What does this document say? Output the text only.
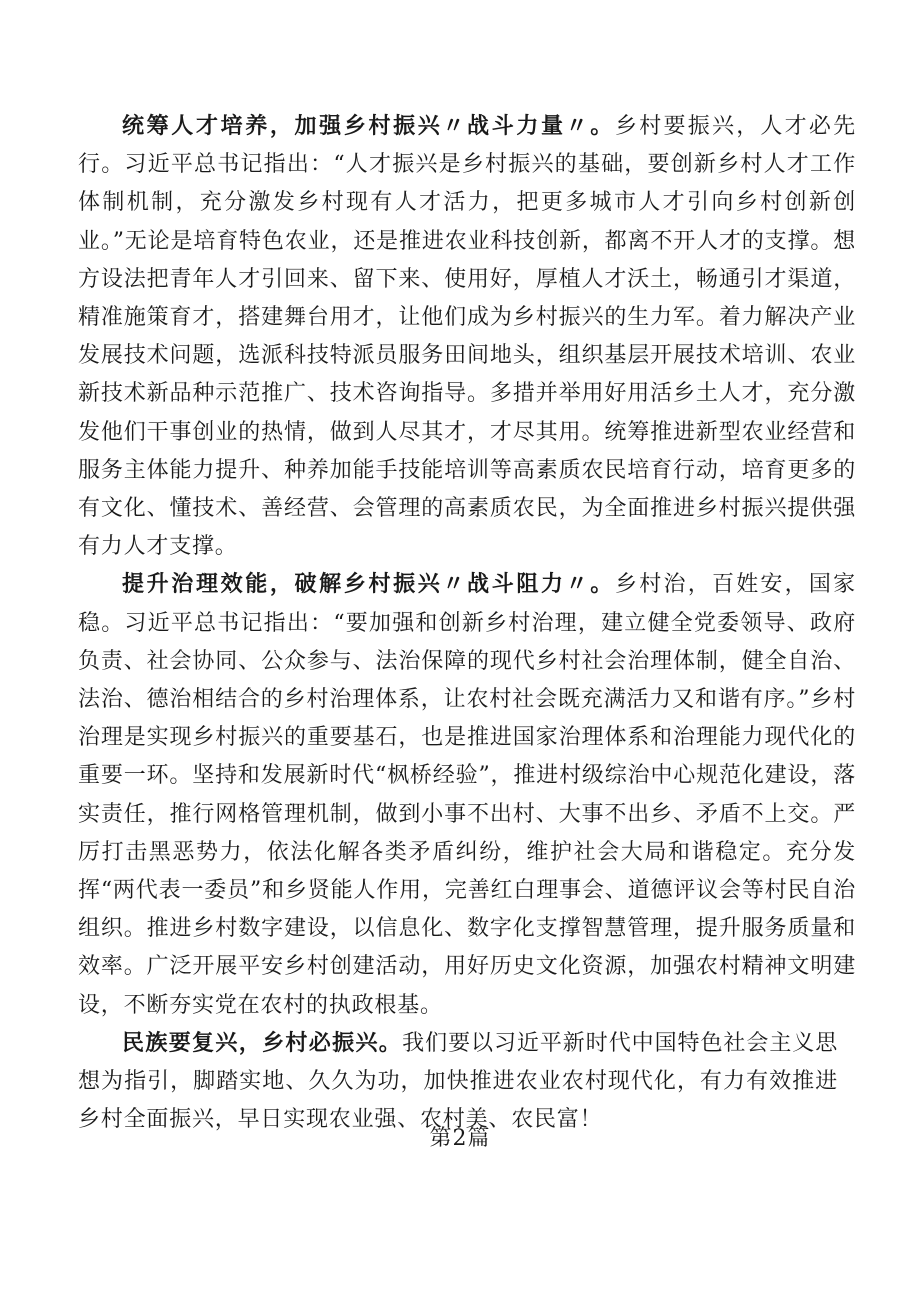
统筹人才培养，加强乡村振兴〃战斗力量〃。乡村要振兴，人才必先行。习近平总书记指出：“人才振兴是乡村振兴的基础，要创新乡村人才工作体制机制，充分激发乡村现有人才活力，把更多城市人才引向乡村创新创业。”无论是培育特色农业，还是推进农业科技创新，都离不开人才的支撑。想方设法把青年人才引回来、留下来、使用好，厚植人才沃土，畅通引才渠道，精准施策育才，搭建舞台用才，让他们成为乡村振兴的生力军。着力解决产业发展技术问题，选派科技特派员服务田间地头，组织基层开展技术培训、农业新技术新品种示范推广、技术咨询指导。多措并举用好用活乡土人才，充分激发他们干事创业的热情，做到人尽其才，才尽其用。统筹推进新型农业经营和服务主体能力提升、种养加能手技能培训等高素质农民培育行动，培育更多的有文化、懂技术、善经营、会管理的高素质农民，为全面推进乡村振兴提供强有力人才支撑。

提升治理效能，破解乡村振兴〃战斗阻力〃。乡村治，百姓安，国家稳。习近平总书记指出：“要加强和创新乡村治理，建立健全党委领导、政府负责、社会协同、公众参与、法治保障的现代乡村社会治理体制，健全自治、法治、德治相结合的乡村治理体系，让农村社会既充满活力又和谐有序。”乡村治理是实现乡村振兴的重要基石，也是推进国家治理体系和治理能力现代化的重要一环。坚持和发展新时代“枫桥经验”，推进村级综治中心规范化建设，落实责任，推行网格管理机制，做到小事不出村、大事不出乡、矛盾不上交。严厉打击黑恶势力，依法化解各类矛盾纠纷，维护社会大局和谐稳定。充分发挥“两代表一委员”和乡贤能人作用，完善红白理事会、道德评议会等村民自治组织。推进乡村数字建设，以信息化、数字化支撑智慧管理，提升服务质量和效率。广泛开展平安乡村创建活动，用好历史文化资源，加强农村精神文明建设，不断夯实党在农村的执政根基。

民族要复兴，乡村必振兴。我们要以习近平新时代中国特色社会主义思想为指引，脚踏实地、久久为功，加快推进农业农村现代化，有力有效推进乡村全面振兴，早日实现农业强、农村美、农民富！

第2篇
